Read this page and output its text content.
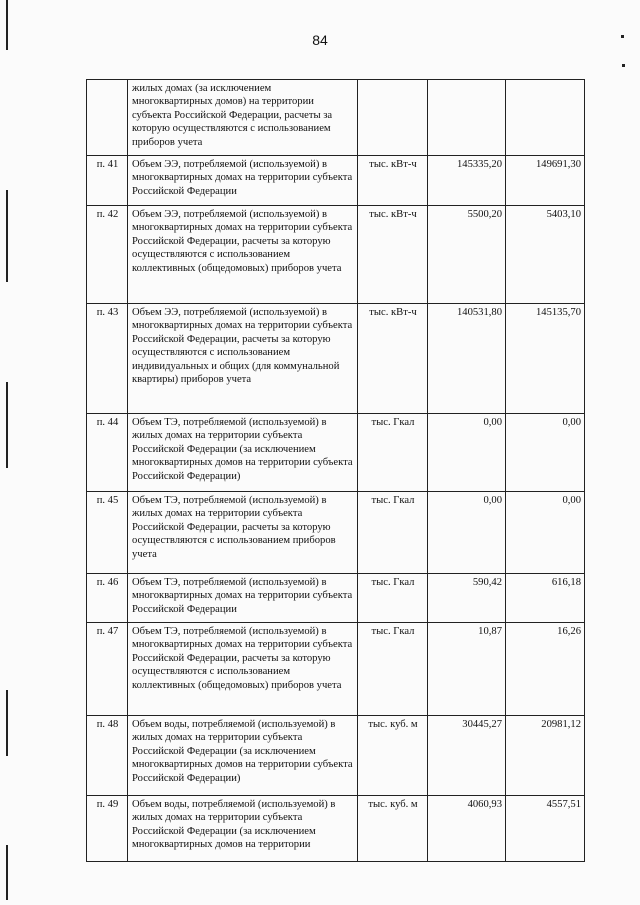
84
	жилых домах (за исключением многоквартирных домов) на территории субъекта Российской Федерации, расчеты за которую осуществляются с использованием приборов учета			
п. 41	Объем ЭЭ, потребляемой (используемой) в многоквартирных домах на территории субъекта Российской Федерации	тыс. кВт-ч	145335,20	149691,30
п. 42	Объем ЭЭ, потребляемой (используемой) в многоквартирных домах на территории субъекта Российской Федерации, расчеты за которую осуществляются с использованием коллективных (общедомовых) приборов учета	тыс. кВт-ч	5500,20	5403,10
п. 43	Объем ЭЭ, потребляемой (используемой) в многоквартирных домах на территории субъекта Российской Федерации, расчеты за которую осуществляются с использованием индивидуальных и общих (для коммунальной квартиры) приборов учета	тыс. кВт-ч	140531,80	145135,70
п. 44	Объем ТЭ, потребляемой (используемой) в жилых домах на территории субъекта Российской Федерации (за исключением многоквартирных домов на территории субъекта Российской Федерации)	тыс. Гкал	0,00	0,00
п. 45	Объем ТЭ, потребляемой (используемой) в жилых домах на территории субъекта Российской Федерации, расчеты за которую осуществляются с использованием приборов учета	тыс. Гкал	0,00	0,00
п. 46	Объем ТЭ, потребляемой (используемой) в многоквартирных домах на территории субъекта Российской Федерации	тыс. Гкал	590,42	616,18
п. 47	Объем ТЭ, потребляемой (используемой) в многоквартирных домах на территории субъекта Российской Федерации, расчеты за которую осуществляются с использованием коллективных (общедомовых) приборов учета	тыс. Гкал	10,87	16,26
п. 48	Объем воды, потребляемой (используемой) в жилых домах на территории субъекта Российской Федерации (за исключением многоквартирных домов на территории субъекта Российской Федерации)	тыс. куб. м	30445,27	20981,12
п. 49	Объем воды, потребляемой (используемой) в жилых домах на территории субъекта Российской Федерации (за исключением многоквартирных домов на территории	тыс. куб. м	4060,93	4557,51
